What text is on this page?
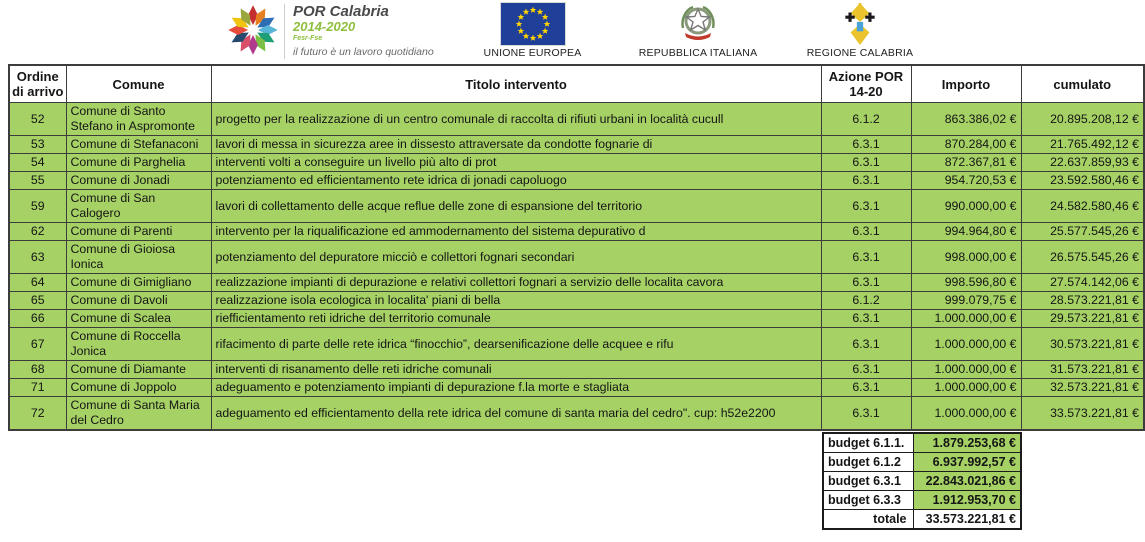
POR Calabria
2014-2020
Fesr-Fse
il futuro è un lavoro quotidiano	UNIONE EUROPEA	REPUBBLICA ITALIANA	REGIONE CALABRIA
Ordine di arrivo	Comune	Titolo intervento	Azione POR 14-20	Importo	cumulato
52	Comune di Santo Stefano in Aspromonte	progetto per la realizzazione di un centro comunale di raccolta di rifiuti urbani in località cucull	6.1.2	863.386,02 €	20.895.208,12 €
53	Comune di Stefanaconi	lavori di messa in sicurezza aree in dissesto attraversate da condotte fognarie di	6.3.1	870.284,00 €	21.765.492,12 €
54	Comune di Parghelia	interventi volti a conseguire un livello più alto di prot	6.3.1	872.367,81 €	22.637.859,93 €
55	Comune di Jonadi	potenziamento ed efficientamento rete idrica di jonadi capoluogo	6.3.1	954.720,53 €	23.592.580,46 €
59	Comune di San Calogero	lavori di collettamento delle acque reflue delle zone di espansione del territorio	6.3.1	990.000,00 €	24.582.580,46 €
62	Comune di Parenti	intervento per la riqualificazione ed ammodernamento del sistema depurativo d	6.3.1	994.964,80 €	25.577.545,26 €
63	Comune di Gioiosa Ionica	potenziamento del depuratore micciò e collettori fognari secondari	6.3.1	998.000,00 €	26.575.545,26 €
64	Comune di Gimigliano	realizzazione impianti di depurazione e relativi collettori fognari a servizio delle localita cavora	6.3.1	998.596,80 €	27.574.142,06 €
65	Comune di Davoli	realizzazione isola ecologica in localita' piani di bella	6.1.2	999.079,75 €	28.573.221,81 €
66	Comune di Scalea	riefficientamento reti idriche del territorio comunale	6.3.1	1.000.000,00 €	29.573.221,81 €
67	Comune di Roccella Jonica	rifacimento di parte delle rete idrica “finocchio”, dearsenificazione delle acquee e rifu	6.3.1	1.000.000,00 €	30.573.221,81 €
68	Comune di Diamante	interventi di risanamento delle reti idriche comunali	6.3.1	1.000.000,00 €	31.573.221,81 €
71	Comune di Joppolo	adeguamento e potenziamento impianti di depurazione f.la morte e stagliata	6.3.1	1.000.000,00 €	32.573.221,81 €
72	Comune di Santa Maria del Cedro	adeguamento ed efficientamento della rete idrica del comune di santa maria del cedro". cup: h52e2200	6.3.1	1.000.000,00 €	33.573.221,81 €
budget 6.1.1.	1.879.253,68 €
budget 6.1.2	6.937.992,57 €
budget 6.3.1	22.843.021,86 €
budget 6.3.3	1.912.953,70 €
totale	33.573.221,81 €
